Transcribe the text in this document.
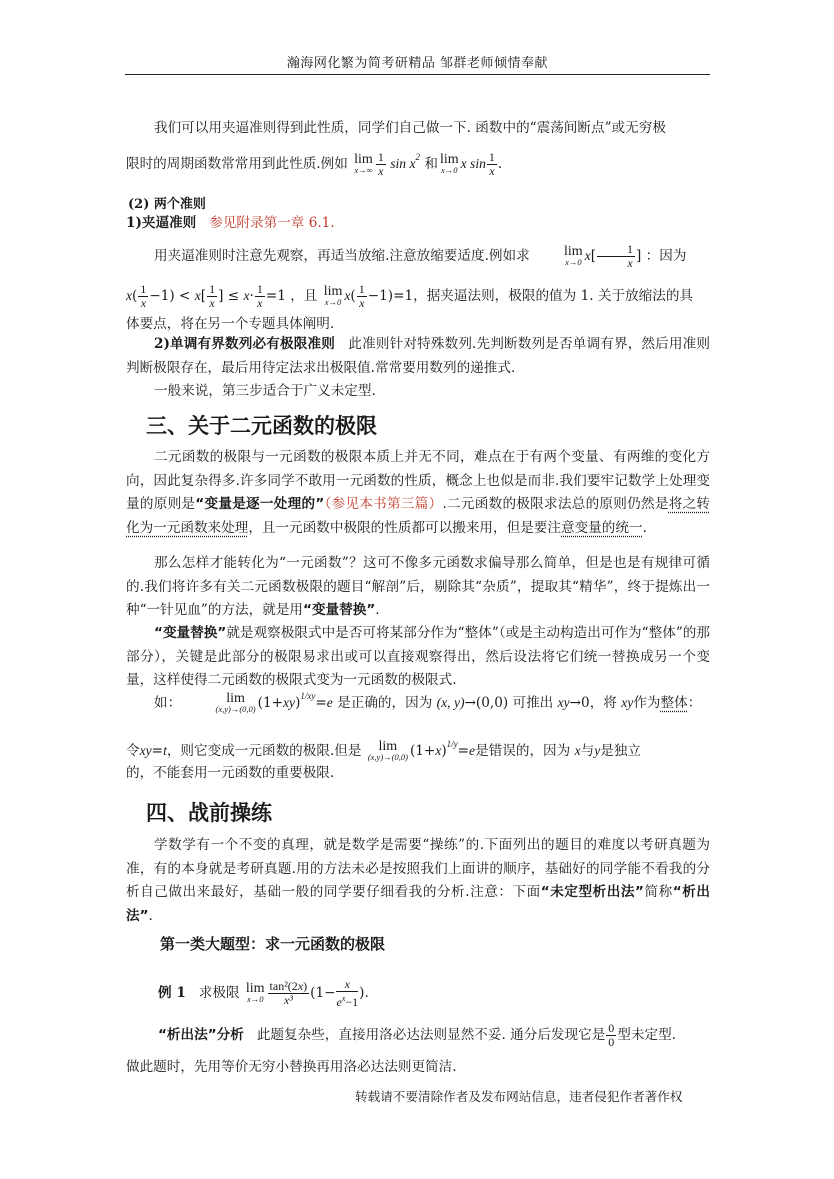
瀚海网化繁为简考研精品 邹群老师倾情奉献

我们可以用夹逼准则得到此性质，同学们自己做一下. 函数中的“震荡间断点”或无穷极

限时的周期函数常常用到此性质.例如 lim
$x\to\infty \frac{1}{x}$ $\sin x^2$ 和 lim
x→0 x $\sin \frac{1}{x}$ .

(2) 两个准则

1)夹逼准则 参见附录第一章 6.1.

用夹逼准则时注意先观察，再适当放缩.注意放缩要适度.例如求	lim
x→0 $x[ \frac{1}{x}$ ] ：因为

$x( \frac{1}{x} -1) < x[ \frac{1}{x}$ ] ≤ $x\cdot \frac{1}{x} =1$ ，且 lim
x→0 $x( \frac{1}{x} -1)=1$，据夹逼法则，极限的值为 1. 关于放缩法的具

体要点，将在另一个专题具体阐明.

2)单调有界数列必有极限准则 此准则针对特殊数列.先判断数列是否单调有界，然后用准则判断极限存在，最后用待定法求出极限值.常常要用数列的递推式.

一般来说，第三步适合于广义未定型.

三、关于二元函数的极限

二元函数的极限与一元函数的极限本质上并无不同，难点在于有两个变量、有两维的变化方向，因此复杂得多.许多同学不敢用一元函数的性质，概念上也似是而非.我们要牢记数学上处理变量的原则是“变量是逐一处理的”（参见本书第三篇）.二元函数的极限求法总的原则仍然是将之转化为一元函数来处理，且一元函数中极限的性质都可以搬来用，但是要注意变量的统一.

那么怎样才能转化为“一元函数”？这可不像多元函数求偏导那么简单，但是也是有规律可循的.我们将许多有关二元函数极限的题目“解剖”后，剔除其“杂质”，提取其“精华”，终于提炼出一种“一针见血”的方法，就是用“变量替换”.

“变量替换”就是观察极限式中是否可将某部分作为“整体”（或是主动构造出可作为“整体”的那部分），关键是此部分的极限易求出或可以直接观察得出，然后设法将它们统一替换成另一个变量，这样使得二元函数的极限式变为一元函数的极限式.

如：	lim
(x,y)→(0,0) $(1+xy)^{1/xy}=e$ 是正确的，因为 (x, y)→(0,0) 可推出 xy→0，将 xy作为整体：

令xy=t，则它变成一元函数的极限.但是	lim
(x,y)→(0,0) $(1+x)^{1/y}=e$是错误的，因为 x与y是独立

的，不能套用一元函数的重要极限.

四、战前操练

学数学有一个不变的真理，就是数学是需要“操练”的.下面列出的题目的难度以考研真题为准，有的本身就是考研真题.用的方法未必是按照我们上面讲的顺序，基础好的同学能不看我的分析自己做出来最好，基础一般的同学要仔细看我的分析.注意：下面“未定型析出法”简称“析出法”.

第一类大题型：求一元函数的极限

例 1 求极限 lim
$x\to 0 \frac{\text{tan²(2x)}}{\text{x³}} (1- \frac{x}{e^x-1}$ ).

“析出法”分析 此题复杂些，直接用洛必达法则显然不妥. 通分后发现它是 $\frac{0}{0}$ 型未定型.

做此题时，先用等价无穷小替换再用洛必达法则更简洁.

转载请不要清除作者及发布网站信息，违者侵犯作者著作权
